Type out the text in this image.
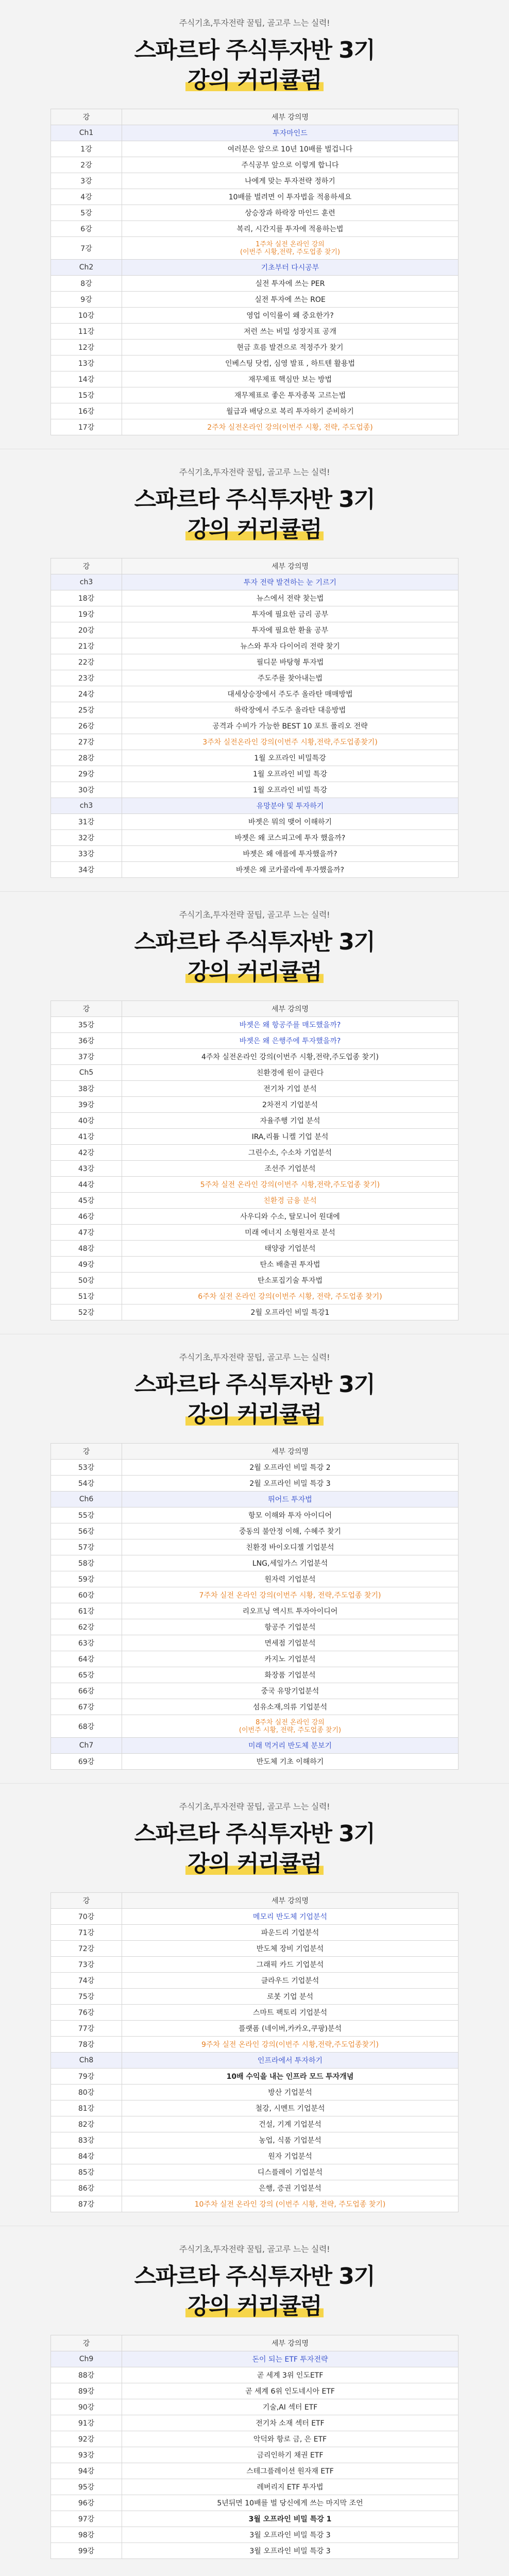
주식기초,투자전략 꿀팁, 골고루 느는 실력!

스파르타 주식투자반 3기

강의 커리큘럼

강	세부 강의명
Ch1	투자마인드
1강	여러분은 앞으로 10년 10배를 벌겁니다
2강	주식공부 앞으로 이렇게 합니다
3강	나에게 맞는 투자전략 정하기
4강	10배를 벌려면 이 투자법을 적용하세요
5강	상승장과 하락장 마인드 훈련
6강	복리, 시간지를 투자에 적용하는법
7강	1주차 실전 온라인 강의
(이번주 시황,전략, 주도업종 찾기)

Ch2	기초부터 다시공부
8강	실전 투자에 쓰는 PER
9강	실전 투자에 쓰는 ROE
10강	영업 이익률이 왜 중요한가?
11강	저런 쓰는 비밀 성장지표 공개
12강	현금 흐름 발견으로 적정주가 찾기
13강	인베스팅 닷컴, 심영 발표 , 하트텐 활용법
14강	재무제표 핵심만 보는 방법
15강	재무제표로 좋은 투자종목 고르는법
16강	월급과 배당으로 복리 투자하기 준비하기
17강	2주차 실전온라인 강의(이번주 시황, 전략, 주도업종)

주식기초,투자전략 꿀팁, 골고루 느는 실력!

스파르타 주식투자반 3기

강의 커리큘럼

강	세부 강의명
ch3	투자 전략 발견하는 눈 기르기
18강	뉴스에서 전략 찾는법
19강	투자에 필요한 금리 공부
20강	투자에 필요한 환율 공부
21강	뉴스와 투자 다이어리 전략 찾기
22강	필디문 바탕형 투자법
23강	주도주를 찾아내는법
24강	대세상승장에서 주도주 올라탄 매매방법
25강	하락장에서 주도주 올라탄 대응방법
26강	공격과 수비가 가능한 BEST 10 포트 폴리오 전략
27강	3주차 실전온라인 강의(이번주 시황,전략,주도업종찾기)
28강	1월 오프라인 비밀특강
29강	1월 오프라인 비밀 특강
30강	1월 오프라인 비밀 특강
ch3	유망분야 및 투자하기
31강	바젯은 뭐의 맺어 이해하기
32강	바젯은 왜 코스피고에 투자 했을까?
33강	바젯은 왜 애플에 투자했을까?
34강	바젯은 왜 코카콜라에 투자했을까?

주식기초,투자전략 꿀팁, 골고루 느는 실력!

스파르타 주식투자반 3기

강의 커리큘럼

강	세부 강의명
35강	바젯은 왜 항공주를 매도했을까?
36강	바젯은 왜 은행주에 투자했을까?
37강	4주차 실전온라인 강의(이번주 시황,전략,주도업종 찾기)
Ch5	친환경에 원이 클린다
38강	전기차 기업 분석
39강	2차전지 기업분석
40강	자율주행 기업 분석
41강	IRA,리튬 니켈 기업 분석
42강	그린수소, 수소차 기업분석
43강	조선주 기업분석
44강	5주차 실전 온라인 강의(이번주 시황,전략,주도업종 찾기)
45강	친환경 금융 분석
46강	사우디와 수소, 탈모니어 원대에
47강	미래 에너지 소형원자로 분석
48강	태양광 기업분석
49강	탄소 배출권 투자법
50강	탄소포집기술 투자법
51강	6주차 실전 온라인 강의(이번주 시황, 전략, 주도업종 찾기)
52강	2월 오프라인 비밀 특강1

주식기초,투자전략 꿀팁, 골고루 느는 실력!

스파르타 주식투자반 3기

강의 커리큘럼

강	세부 강의명
53강	2월 오프라인 비밀 특강 2
54강	2월 오프라인 비밀 특강 3
Ch6	뛰어드 투자법
55강	항모 이해와 투자 아이디어
56강	중동의 불안정 이해, 수혜주 찾기
57강	친환경 바이오디젤 기업분석
58강	LNG,세일가스 기업분석
59강	원자력 기업분석
60강	7주차 실전 온라인 강의(이번주 시황, 전략,주도업종 찾기)
61강	리오프닝 엑시트 투자아이디어
62강	항공주 기업분석
63강	면세점 기업분석
64강	카지노 기업분석
65강	화장품 기업분석
66강	중국 유망기업분석
67강	섬유소재,의류 기업분석
68강	8주차 실전 온라인 강의
(이번주 시황, 전략, 주도업종 찾기)

Ch7	미래 먹거리 반도체 분보기
69강	반도체 기초 이해하기

주식기초,투자전략 꿀팁, 골고루 느는 실력!

스파르타 주식투자반 3기

강의 커리큘럼

강	세부 강의명
70강	메모리 반도체 기업분석
71강	파운드리 기업분석
72강	반도체 장비 기업분석
73강	그래픽 카드 기업분석
74강	클라우드 기업분석
75강	로봇 기업 분석
76강	스마트 팩토리 기업분석
77강	플랫폼 (네이버,카카오,쿠팡)분석
78강	9주차 실전 온라인 강의(이번주 시황,전략,주도업종찾기)
Ch8	인프라에서 투자하기
79강	10배 수익을 내는 인프라 모드 투자개념
80강	방산 기업분석
81강	철강, 시멘트 기업분석
82강	건설, 기계 기업분석
83강	농업, 식품 기업분석
84강	원자 기업분석
85강	디스플레이 기업분석
86강	은행, 증권 기업분석
87강	10주차 실전 온라인 강의 (이번주 시황, 전략, 주도업종 찾기)

주식기초,투자전략 꿀팁, 골고루 느는 실력!

스파르타 주식투자반 3기

강의 커리큘럼

강	세부 강의명
Ch9	돈이 되는 ETF 투자전략
88강	곧 세계 3위 인도ETF
89강	곧 세계 6위 인도네시아 ETF
90강	기술,AI 섹터 ETF
91강	전기차 소재 섹터 ETF
92강	악덕와 항로 금, 은 ETF
93강	금리인하기 채권 ETF
94강	스테그플레이션 원자재 ETF
95강	레버리지 ETF 투자법
96강	5년뒤면 10배를 벌 당신에게 쓰는 마지막 조언
97강	3월 오프라인 비밀 특강 1
98강	3월 오프라인 비밀 특강 3
99강	3월 오프라인 비밀 특강 3
